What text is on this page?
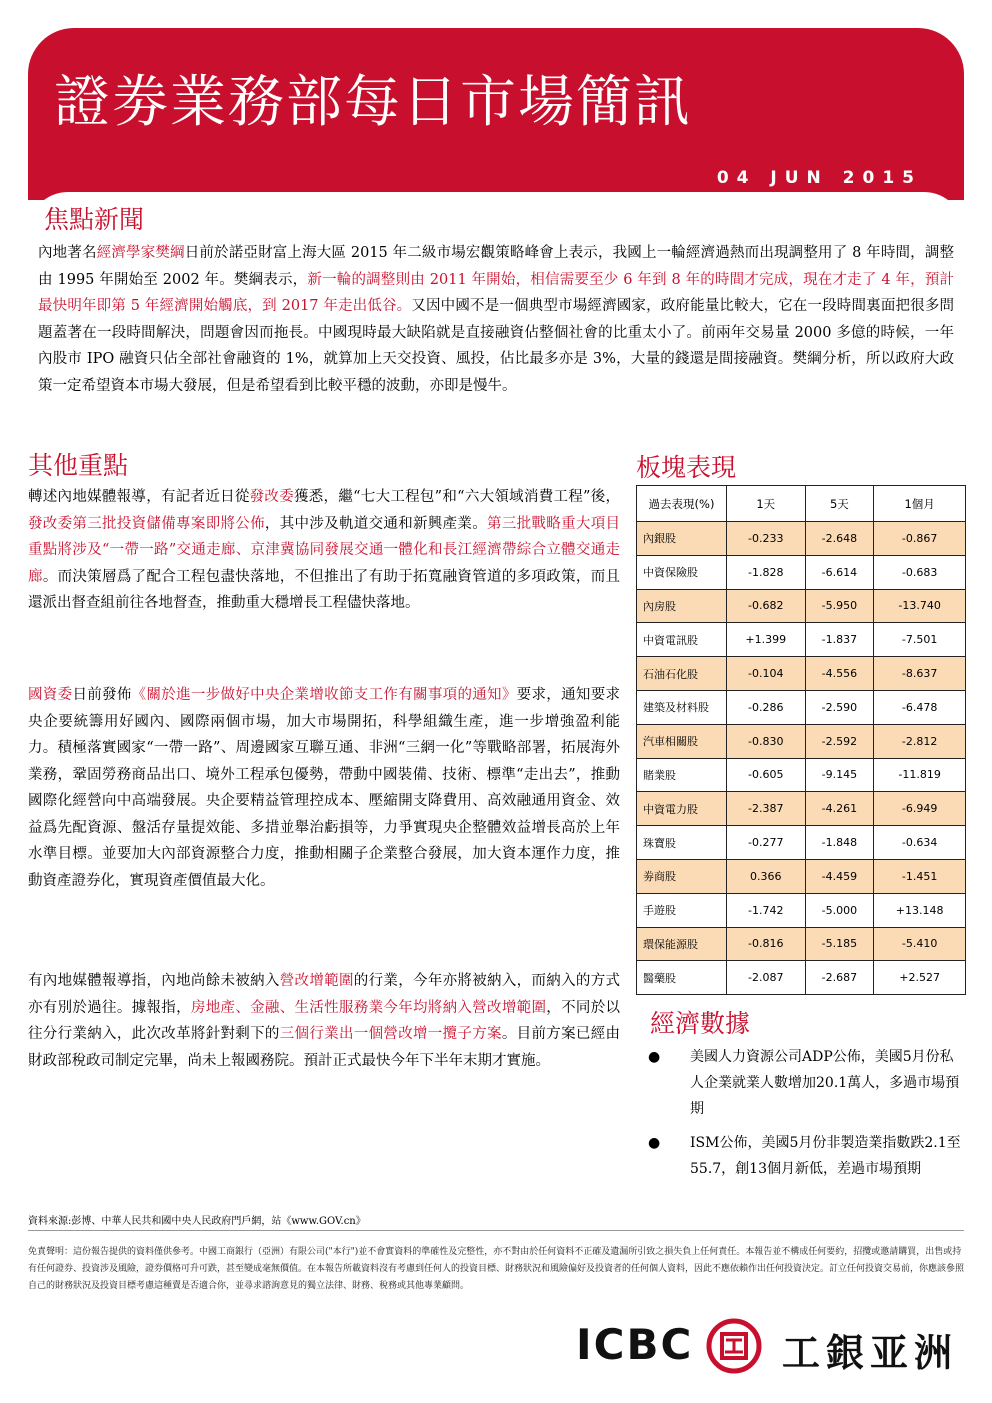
證劵業務部每日市場簡訊
04 JUN 2015
焦點新聞
內地著名經濟學家樊綱日前於諾亞財富上海大區 2015 年二級市場宏觀策略峰會上表示，我國上一輪經濟過熱而出現調整用了 8 年時間，調整由 1995 年開始至 2002 年。樊綱表示，新一輪的調整則由 2011 年開始，相信需要至少 6 年到 8 年的時間才完成，現在才走了 4 年，預計最快明年即第 5 年經濟開始觸底，到 2017 年走出低谷。又因中國不是一個典型市場經濟國家，政府能量比較大，它在一段時間裏面把很多問題蓋著在一段時間解決，問題會因而拖長。中國現時最大缺陷就是直接融資佔整個社會的比重太小了。前兩年交易量 2000 多億的時候，一年內股市 IPO 融資只佔全部社會融資的 1%，就算加上天交投資、風投，佔比最多亦是 3%，大量的錢還是間接融資。樊綱分析，所以政府大政策一定希望資本市場大發展，但是希望看到比較平穩的波動，亦即是慢牛。
其他重點
轉述內地媒體報導，有記者近日從發改委獲悉，繼“七大工程包”和“六大領域消費工程”後，發改委第三批投資儲備專案即將公佈，其中涉及軌道交通和新興產業。第三批戰略重大項目重點將涉及“一帶一路”交通走廊、京津冀協同發展交通一體化和長江經濟帶綜合立體交通走廊。而決策層爲了配合工程包盡快落地，不但推出了有助于拓寬融資管道的多項政策，而且還派出督查組前往各地督查，推動重大穩增長工程儘快落地。
國資委日前發佈《關於進一步做好中央企業增收節支工作有關事項的通知》要求，通知要求央企要統籌用好國內、國際兩個市場，加大市場開拓，科學組織生產，進一步增強盈利能力。積極落實國家“一帶一路”、周邊國家互聯互通、非洲“三網一化”等戰略部署，拓展海外業務，鞏固勞務商品出口、境外工程承包優勢，帶動中國裝備、技術、標準“走出去”，推動國際化經營向中高端發展。央企要精益管理控成本、壓縮開支降費用、高效融通用資金、效益爲先配資源、盤活存量提效能、多措並舉治虧損等，力爭實現央企整體效益增長高於上年水準目標。並要加大內部資源整合力度，推動相關子企業整合發展，加大資本運作力度，推動資產證券化，實現資產價值最大化。
有內地媒體報導指，內地尚餘未被納入營改增範圍的行業，今年亦將被納入，而納入的方式亦有別於過往。據報指，房地產、金融、生活性服務業今年均將納入營改增範圍，不同於以往分行業納入，此次改革將針對剩下的三個行業出一個營改增一攬子方案。目前方案已經由財政部稅政司制定完畢，尚未上報國務院。預計正式最快今年下半年末期才實施。
板塊表現
過去表現(%)	1天	5天	1個月
內銀股	-0.233	-2.648	-0.867
中資保險股	-1.828	-6.614	-0.683
內房股	-0.682	-5.950	-13.740
中資電訊股	+1.399	-1.837	-7.501
石油石化股	-0.104	-4.556	-8.637
建築及材料股	-0.286	-2.590	-6.478
汽車相關股	-0.830	-2.592	-2.812
賭業股	-0.605	-9.145	-11.819
中資電力股	-2.387	-4.261	-6.949
珠寶股	-0.277	-1.848	-0.634
劵商股	0.366	-4.459	-1.451
手遊股	-1.742	-5.000	+13.148
環保能源股	-0.816	-5.185	-5.410
醫藥股	-2.087	-2.687	+2.527
經濟數據
● 美國人力資源公司ADP公佈，美國5月份私人企業就業人數增加20.1萬人，多過市場預期
● ISM公佈，美國5月份非製造業指數跌2.1至55.7，創13個月新低，差過市場預期
資料來源:彭博、中華人民共和國中央人民政府門戶網，站《www.GOV.cn》
免責聲明：這份報告提供的資料僅供參考。中國工商銀行（亞洲）有限公司("本行")並不會實資料的準確性及完整性，亦不對由於任何資料不正確及遺漏所引致之損失負上任何責任。本報告並不構成任何要約，招攬或邀請購買，出售或持有任何證券、投資涉及風險，證券價格可升可跌，甚至變成毫無價值。在本報告所載資料沒有考慮到任何人的投資目標、財務狀況和風險偏好及投資者的任何個人資料，因此不應依賴作出任何投資決定。訂立任何投資交易前，你應該參照自己的財務狀況及投資目標考慮這種賣是否適合你，並尋求諮詢意見的獨立法律、財務、稅務或其他專業顧問。
ICBC 工銀亚洲
